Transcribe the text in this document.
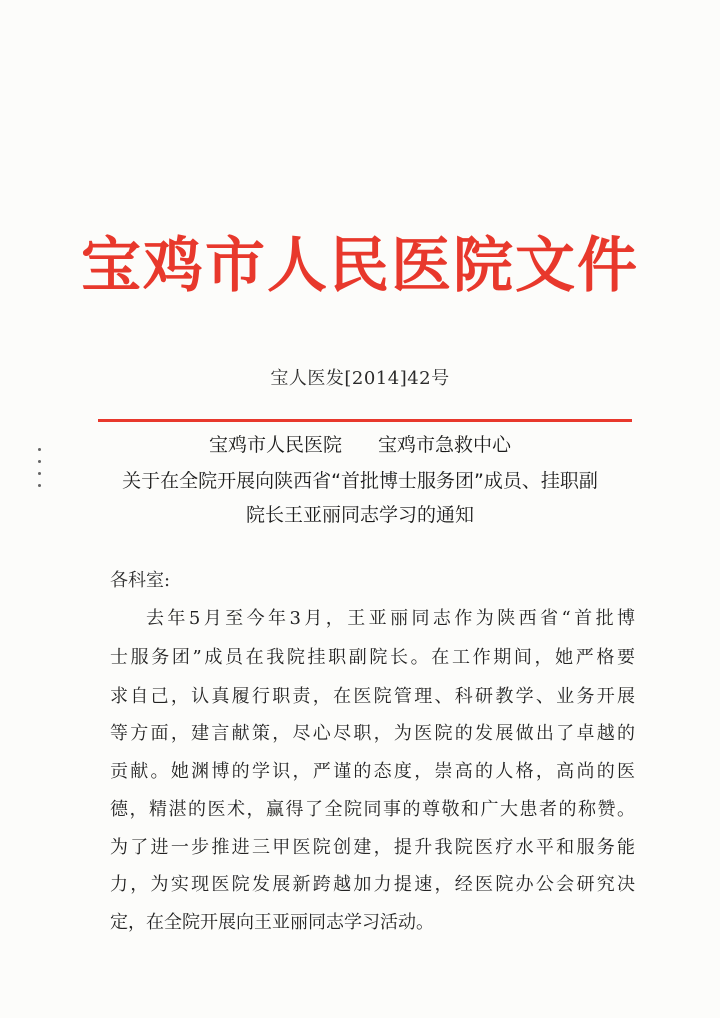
宝鸡市人民医院文件
宝人医发[2014]42号
宝鸡市人民医院 宝鸡市急救中心
关于在全院开展向陕西省“首批博士服务团”成员、挂职副
院长王亚丽同志学习的通知
各科室:
去年5月至今年3月，王亚丽同志作为陕西省“首批博
士服务团”成员在我院挂职副院长。在工作期间，她严格要
求自己，认真履行职责，在医院管理、科研教学、业务开展
等方面，建言献策，尽心尽职，为医院的发展做出了卓越的
贡献。她渊博的学识，严谨的态度，崇高的人格，高尚的医
德，精湛的医术，赢得了全院同事的尊敬和广大患者的称赞。
为了进一步推进三甲医院创建，提升我院医疗水平和服务能
力，为实现医院发展新跨越加力提速，经医院办公会研究决
定，在全院开展向王亚丽同志学习活动。
